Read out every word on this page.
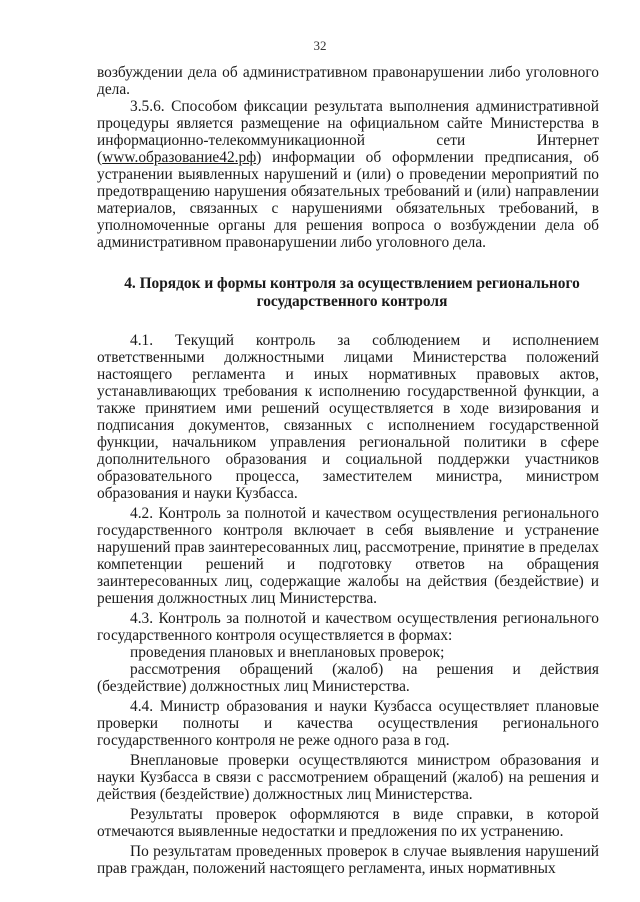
32

возбуждении дела об административном правонарушении либо уголовного дела.

3.5.6. Способом фиксации результата выполнения административной процедуры является размещение на официальном сайте Министерства в информационно-телекоммуникационной сети Интернет (www.образование42.рф) информации об оформлении предписания, об устранении выявленных нарушений и (или) о проведении мероприятий по предотвращению нарушения обязательных требований и (или) направлении материалов, связанных с нарушениями обязательных требований, в уполномоченные органы для решения вопроса о возбуждении дела об административном правонарушении либо уголовного дела.

4. Порядок и формы контроля за осуществлением регионального государственного контроля

4.1. Текущий контроль за соблюдением и исполнением ответственными должностными лицами Министерства положений настоящего регламента и иных нормативных правовых актов, устанавливающих требования к исполнению государственной функции, а также принятием ими решений осуществляется в ходе визирования и подписания документов, связанных с исполнением государственной функции, начальником управления региональной политики в сфере дополнительного образования и социальной поддержки участников образовательного процесса, заместителем министра, министром образования и науки Кузбасса.

4.2. Контроль за полнотой и качеством осуществления регионального государственного контроля включает в себя выявление и устранение нарушений прав заинтересованных лиц, рассмотрение, принятие в пределах компетенции решений и подготовку ответов на обращения заинтересованных лиц, содержащие жалобы на действия (бездействие) и решения должностных лиц Министерства.

4.3. Контроль за полнотой и качеством осуществления регионального государственного контроля осуществляется в формах:

проведения плановых и внеплановых проверок;

рассмотрения обращений (жалоб) на решения и действия (бездействие) должностных лиц Министерства.

4.4. Министр образования и науки Кузбасса осуществляет плановые проверки полноты и качества осуществления регионального государственного контроля не реже одного раза в год.

Внеплановые проверки осуществляются министром образования и науки Кузбасса в связи с рассмотрением обращений (жалоб) на решения и действия (бездействие) должностных лиц Министерства.

Результаты проверок оформляются в виде справки, в которой отмечаются выявленные недостатки и предложения по их устранению.

По результатам проведенных проверок в случае выявления нарушений прав граждан, положений настоящего регламента, иных нормативных
